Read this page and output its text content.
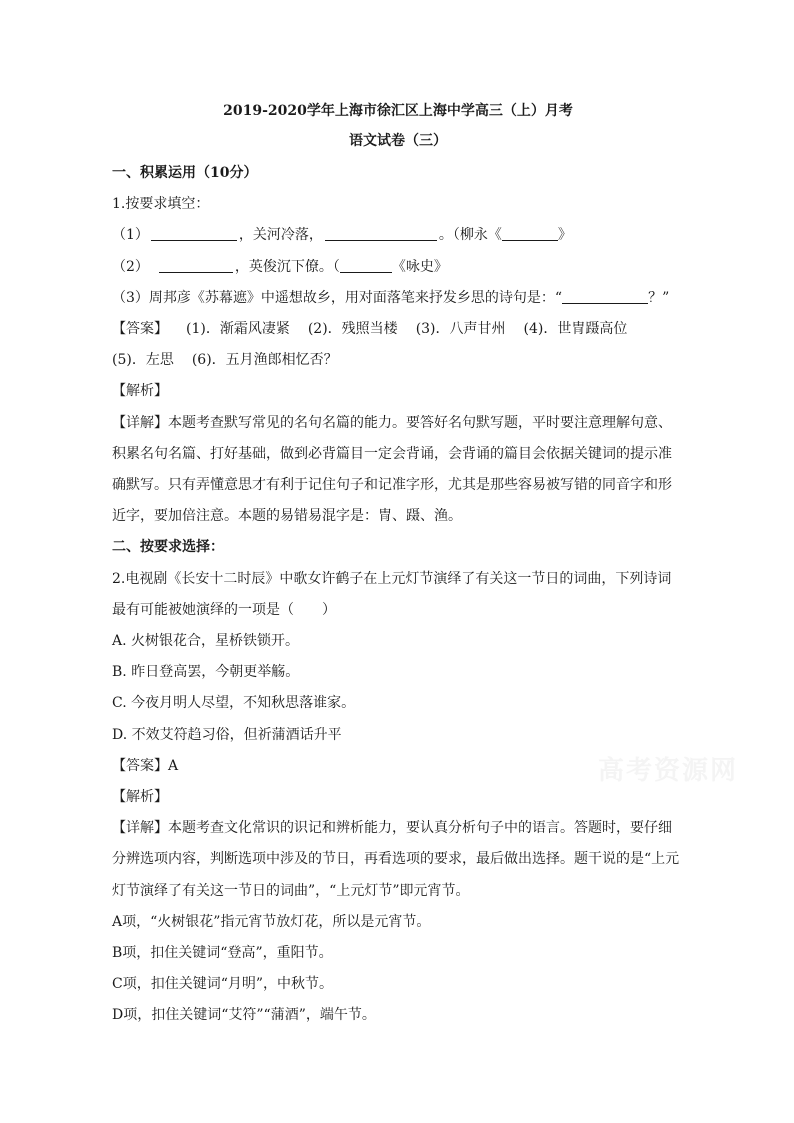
2019-2020学年上海市徐汇区上海中学高三（上）月考
语文试卷（三）
一、积累运用（10分）
1.按要求填空：
（1）	，关河冷落，	。（柳永《	》
（2）	，英俊沉下僚。（	《咏史》
（3）周邦彦《苏幕遮》中遥想故乡，用对面落笔来抒发乡思的诗句是：“	？”
【答案】 (1)．渐霜风凄紧 (2)．残照当楼 (3)．八声甘州 (4)．世冑蹑高位
(5)．左思 (6)．五月渔郎相忆否？
【解析】
【详解】本题考查默写常见的名句名篇的能力。要答好名句默写题，平时要注意理解句意、积累名句名篇、打好基础，做到必背篇目一定会背诵，会背诵的篇目会依据关键词的提示准确默写。只有弄懂意思才有利于记住句子和记准字形，尤其是那些容易被写错的同音字和形近字，要加倍注意。本题的易错易混字是：冑、蹑、渔。
二、按要求选择：
2.电视剧《长安十二时辰》中歌女许鹤子在上元灯节演绎了有关这一节日的词曲，下列诗词最有可能被她演绎的一项是（　　）
A. 火树银花合，星桥铁锁开。
B. 昨日登高罢，今朝更举觞。
C. 今夜月明人尽望，不知秋思落谁家。
D. 不效艾符趋习俗，但祈蒲酒话升平
【答案】A
【解析】
【详解】本题考查文化常识的识记和辨析能力，要认真分析句子中的语言。答题时，要仔细分辨选项内容，判断选项中涉及的节日，再看选项的要求，最后做出选择。题干说的是“上元灯节演绎了有关这一节日的词曲”，“上元灯节”即元宵节。
A项，“火树银花”指元宵节放灯花，所以是元宵节。
B项，扣住关键词“登高”，重阳节。
C项，扣住关键词“月明”，中秋节。
D项，扣住关键词“艾符”“蒲酒”，端午节。
高考资源网
